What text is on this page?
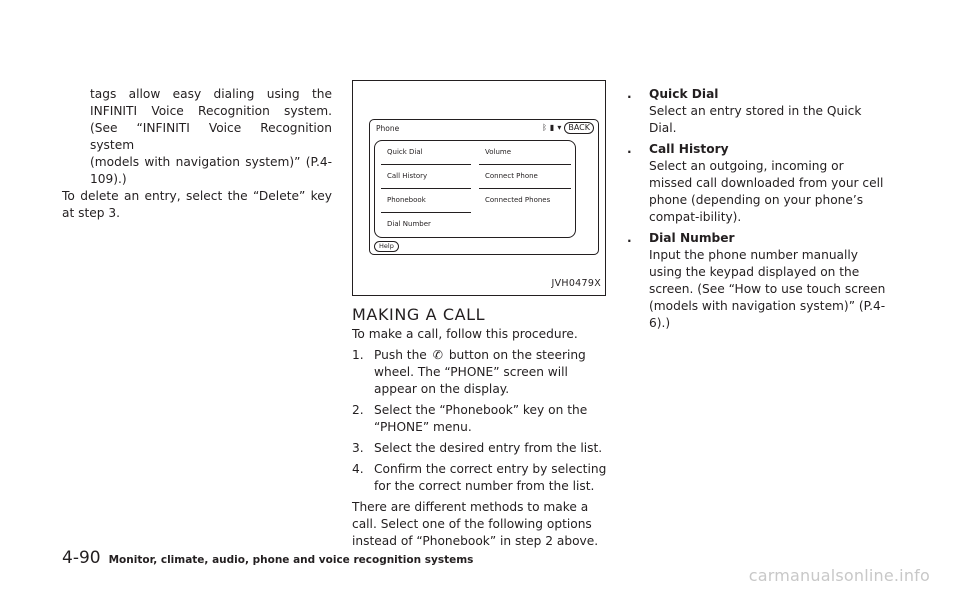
tags allow easy dialing using the

INFINITI Voice Recognition system.

(See “INFINITI Voice Recognition system

(models with navigation system)” (P.4-

109).)

To delete an entry, select the “Delete” key

at step 3.

Phone	ᛒ ▮ ▾ BACK
Quick Dial
Call History
Phonebook
Dial Number
Volume
Connect Phone
Connected Phones
Help
JVH0479X
MAKING A CALL

To make a call, follow this procedure.

1. Push the ✆ button on the steering wheel. The “PHONE” screen will appear on the display.
2. Select the “Phonebook” key on the “PHONE” menu.
3. Select the desired entry from the list.
4. Confirm the correct entry by selecting for the correct number from the list.

There are different methods to make a call. Select one of the following options instead of “Phonebook” in step 2 above.

.	Quick Dial

Select an entry stored in the Quick Dial.

.	Call History

Select an outgoing, incoming or missed call downloaded from your cell phone (depending on your phone’s compat-ibility).

.	Dial Number

Input the phone number manually using the keypad displayed on the screen. (See “How to use touch screen (models with navigation system)” (P.4-6).)

4-90 Monitor, climate, audio, phone and voice recognition systems
carmanualsonline.info
